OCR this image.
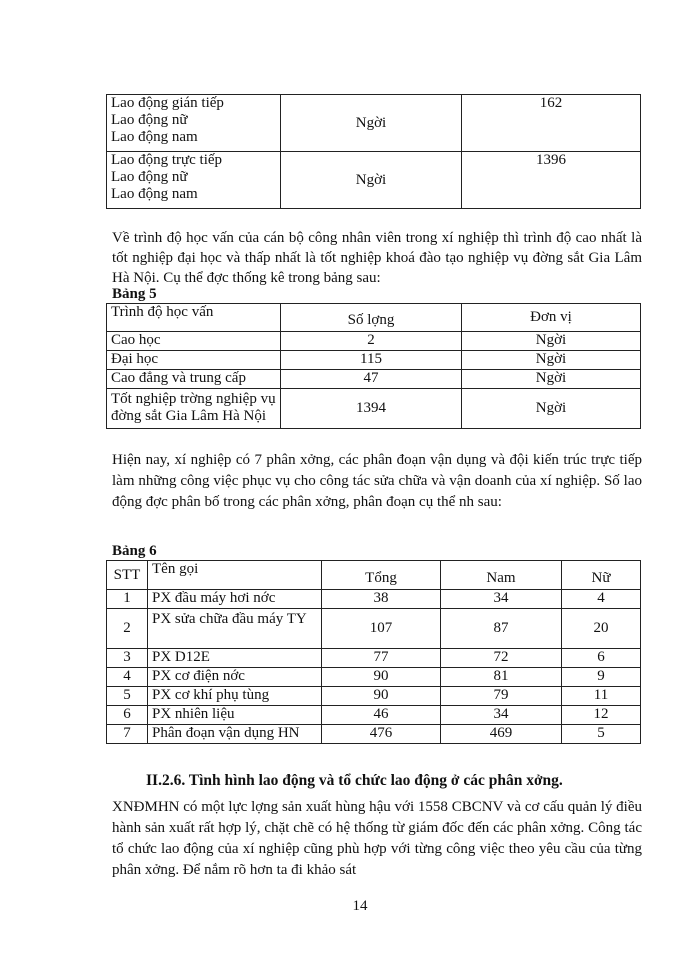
Lao động gián tiếp
Lao động nữ
Lao động nam	Ngời	162

Lao động trực tiếp
Lao động nữ
Lao động nam	Ngời	1396

Về trình độ học vấn của cán bộ công nhân viên trong xí nghiệp thì trình độ cao nhất là tốt nghiệp đại học và thấp nhất là tốt nghiệp khoá đào tạo nghiệp vụ đờng sắt Gia Lâm Hà Nội. Cụ thể đợc thống kê trong bảng sau:

Bảng 5
Trình độ học vấn	Số lợng	Đơn vị
Cao học	2	Ngời
Đại học	115	Ngời
Cao đẳng và trung cấp	47	Ngời
Tốt nghiệp trờng nghiệp vụ đờng sắt Gia Lâm Hà Nội	1394	Ngời

Hiện nay, xí nghiệp có 7 phân xởng, các phân đoạn vận dụng và đội kiến trúc trực tiếp làm những công việc phục vụ cho công tác sửa chữa và vận doanh của xí nghiệp. Số lao động đợc phân bố trong các phân xởng, phân đoạn cụ thể nh sau:

Bảng 6
STT	Tên gọi	Tổng	Nam	Nữ
1	PX đầu máy hơi nớc	38	34	4
2	PX sửa chữa đầu máy TY	107	87	20
3	PX D12E	77	72	6
4	PX cơ điện nớc	90	81	9
5	PX cơ khí phụ tùng	90	79	11
6	PX nhiên liệu	46	34	12
7	Phân đoạn vận dụng HN	476	469	5
II.2.6. Tình hình lao động và tổ chức lao động ở các phân xởng.

XNĐMHN có một lực lợng sản xuất hùng hậu với 1558 CBCNV và cơ cấu quản lý điều hành sản xuất rất hợp lý, chặt chẽ có hệ thống từ giám đốc đến các phân xởng. Công tác tổ chức lao động của xí nghiệp cũng phù hợp với từng công việc theo yêu cầu của từng phân xởng. Để nắm rõ hơn ta đi khảo sát

14
